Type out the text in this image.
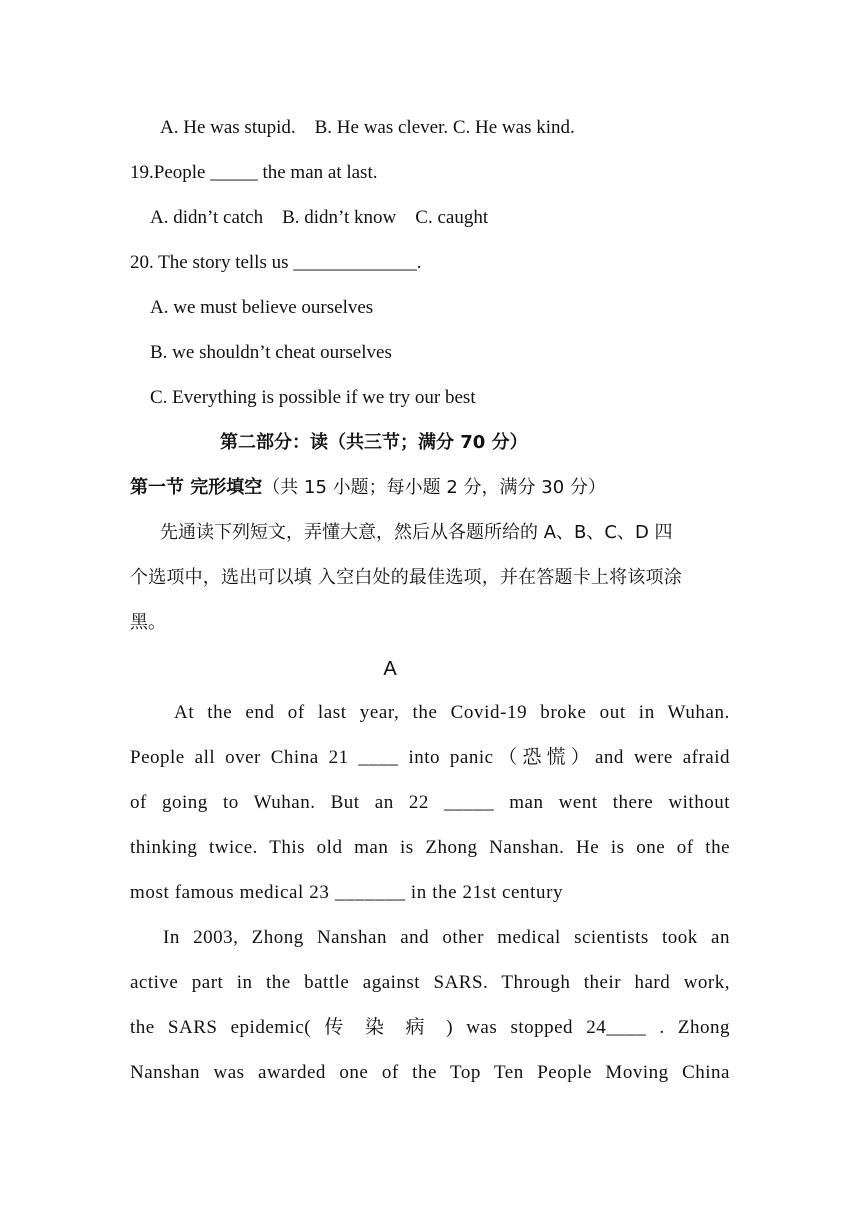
A. He was stupid.    B. He was clever. C. He was kind.
19.People _____ the man at last.
A. didn’t catch    B. didn’t know    C. caught
20. The story tells us _____________.
A. we must believe ourselves
B. we shouldn’t cheat ourselves
C. Everything is possible if we try our best
第二部分：读（共三节；满分 70 分）
第一节 完形填空（共 15 小题；每小题 2 分，满分 30 分）
先通读下列短文，弄懂大意，然后从各题所给的 A、B、C、D 四
个选项中，选出可以填 入空白处的最佳选项，并在答题卡上将该项涂
黑。
A
At the end of last year, the Covid-19 broke out in Wuhan.
People all over China 21 ____ into panic（恐慌）and were afraid
of going to Wuhan. But an 22 _____ man went there without
thinking twice. This old man is Zhong Nanshan. He is one of the
most famous medical 23 _______ in the 21st century
In 2003, Zhong Nanshan and other medical scientists took an
active part in the battle against SARS. Through their hard work,
the SARS epidemic( 传 染 病 ) was stopped 24____ . Zhong
Nanshan was awarded one of the Top Ten People Moving China
